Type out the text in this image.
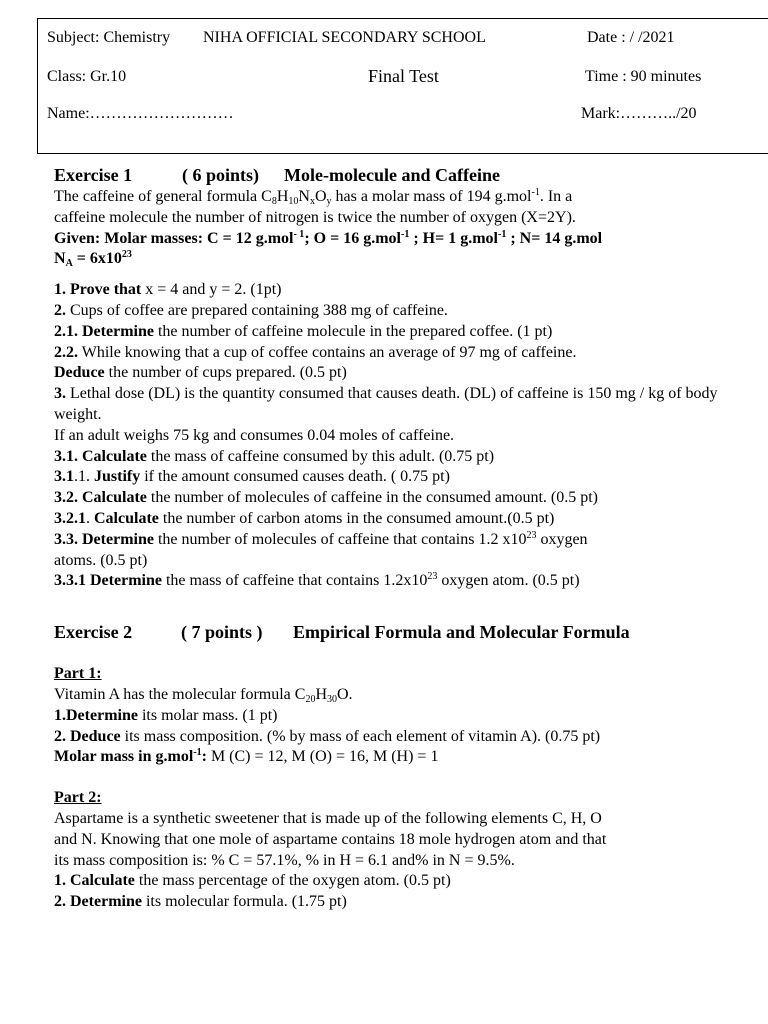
Subject: Chemistry NIHA OFFICIAL SECONDARY SCHOOL	Date : / /2021
Class: Gr.10	Final Test	Time : 90 minutes
Name:………………………	Mark:………../20
Exercise 1	( 6 points) Mole-molecule and Caffeine
The caffeine of general formula $C_8H_{10}N_xO_y$ has a molar mass of 194 g.mol$^{-1}$. In a
caffeine molecule the number of nitrogen is twice the number of oxygen (X=2Y).
Given: Molar masses: C = 12 g.mol$^{- 1}$; O = 16 g.mol$^{-1}$ ; H= 1 g.mol$^{-1}$ ; N= 14 g.mol
$N_A = 6x10^{23}$
1. Prove that x = 4 and y = 2. (1pt)
2. Cups of coffee are prepared containing 388 mg of caffeine.
2.1. Determine the number of caffeine molecule in the prepared coffee. (1 pt)
2.2. While knowing that a cup of coffee contains an average of 97 mg of caffeine.
Deduce the number of cups prepared. (0.5 pt)
3. Lethal dose (DL) is the quantity consumed that causes death. (DL) of caffeine is 150 mg / kg of body weight.
If an adult weighs 75 kg and consumes 0.04 moles of caffeine.
3.1. Calculate the mass of caffeine consumed by this adult. (0.75 pt)
3.1.1. Justify if the amount consumed causes death. ( 0.75 pt)
3.2. Calculate the number of molecules of caffeine in the consumed amount. (0.5 pt)
3.2.1. Calculate the number of carbon atoms in the consumed amount.(0.5 pt)
3.3. Determine the number of molecules of caffeine that contains 1.2 $x10^{23}$ oxygen
atoms. (0.5 pt)
3.3.1 Determine the mass of caffeine that contains $1.2x10^{23}$ oxygen atom. (0.5 pt)
Exercise 2	( 7 points ) Empirical Formula and Molecular Formula
Part 1:
Vitamin A has the molecular formula $C_{20}H_{30}O$.
1.Determine its molar mass. (1 pt)
2. Deduce its mass composition. (% by mass of each element of vitamin A). (0.75 pt)
Molar mass in g.mol$^{-1}$: M (C) = 12, M (O) = 16, M (H) = 1
Part 2:
Aspartame is a synthetic sweetener that is made up of the following elements C, H, O
and N. Knowing that one mole of aspartame contains 18 mole hydrogen atom and that
its mass composition is: % C = 57.1%, % in H = 6.1 and% in N = 9.5%.
1. Calculate the mass percentage of the oxygen atom. (0.5 pt)
2. Determine its molecular formula. (1.75 pt)
